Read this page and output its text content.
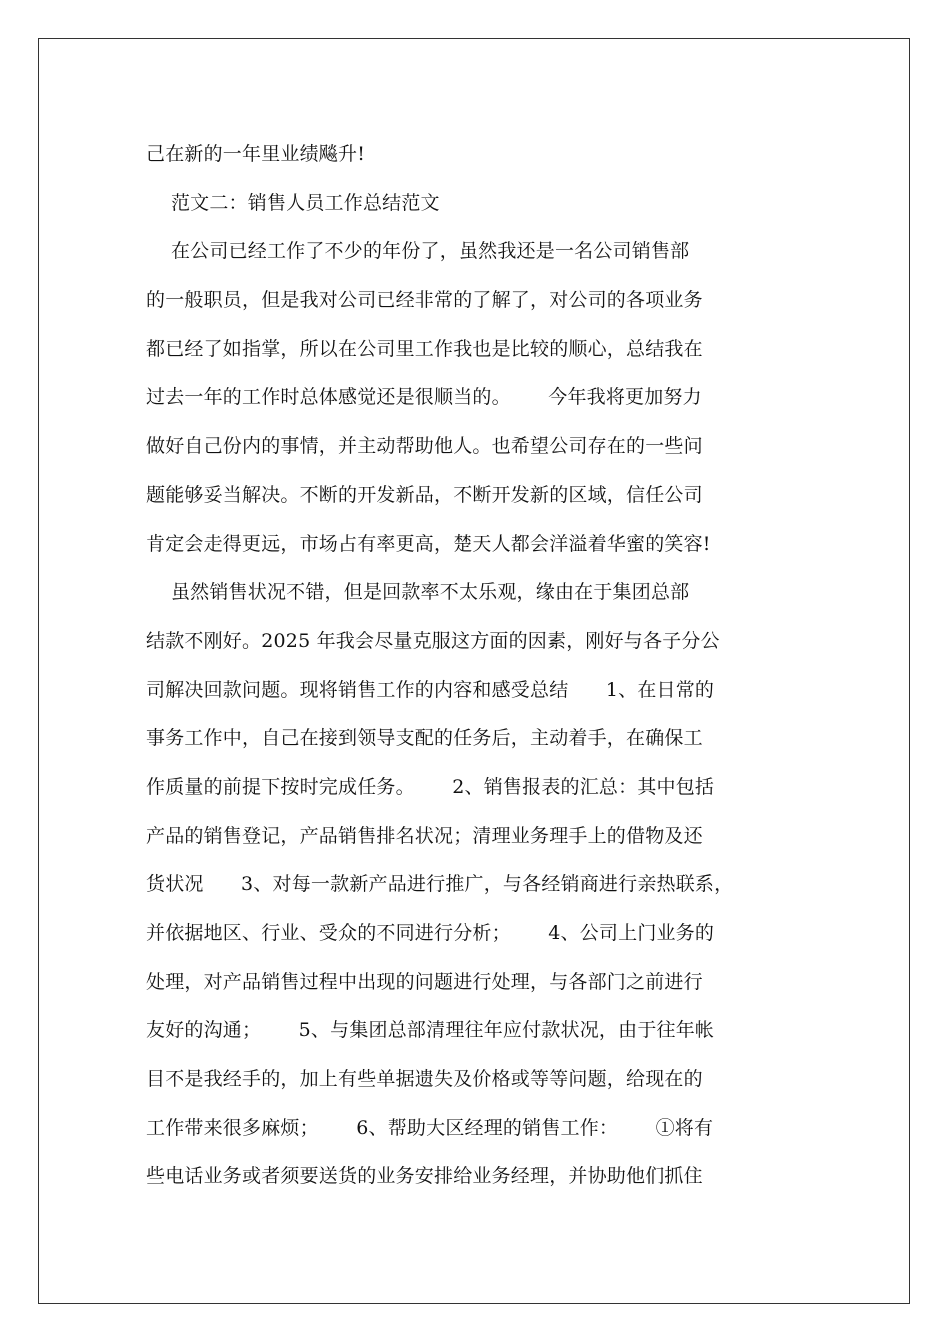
己在新的一年里业绩飚升!
范文二：销售人员工作总结范文
在公司已经工作了不少的年份了，虽然我还是一名公司销售部
的一般职员，但是我对公司已经非常的了解了，对公司的各项业务
都已经了如指掌，所以在公司里工作我也是比较的顺心，总结我在
过去一年的工作时总体感觉还是很顺当的。      今年我将更加努力
做好自己份内的事情，并主动帮助他人。也希望公司存在的一些问
题能够妥当解决。不断的开发新品，不断开发新的区域，信任公司
肯定会走得更远，市场占有率更高，楚天人都会洋溢着华蜜的笑容!
虽然销售状况不错，但是回款率不太乐观，缘由在于集团总部
结款不刚好。2025 年我会尽量克服这方面的因素，刚好与各子分公
司解决回款问题。现将销售工作的内容和感受总结      1、在日常的
事务工作中，自己在接到领导支配的任务后，主动着手，在确保工
作质量的前提下按时完成任务。      2、销售报表的汇总：其中包括
产品的销售登记，产品销售排名状况；清理业务理手上的借物及还
货状况      3、对每一款新产品进行推广，与各经销商进行亲热联系，
并依据地区、行业、受众的不同进行分析；      4、公司上门业务的
处理，对产品销售过程中出现的问题进行处理，与各部门之前进行
友好的沟通；      5、与集团总部清理往年应付款状况，由于往年帐
目不是我经手的，加上有些单据遗失及价格或等等问题，给现在的
工作带来很多麻烦；      6、帮助大区经理的销售工作：      ①将有
些电话业务或者须要送货的业务安排给业务经理，并协助他们抓住
